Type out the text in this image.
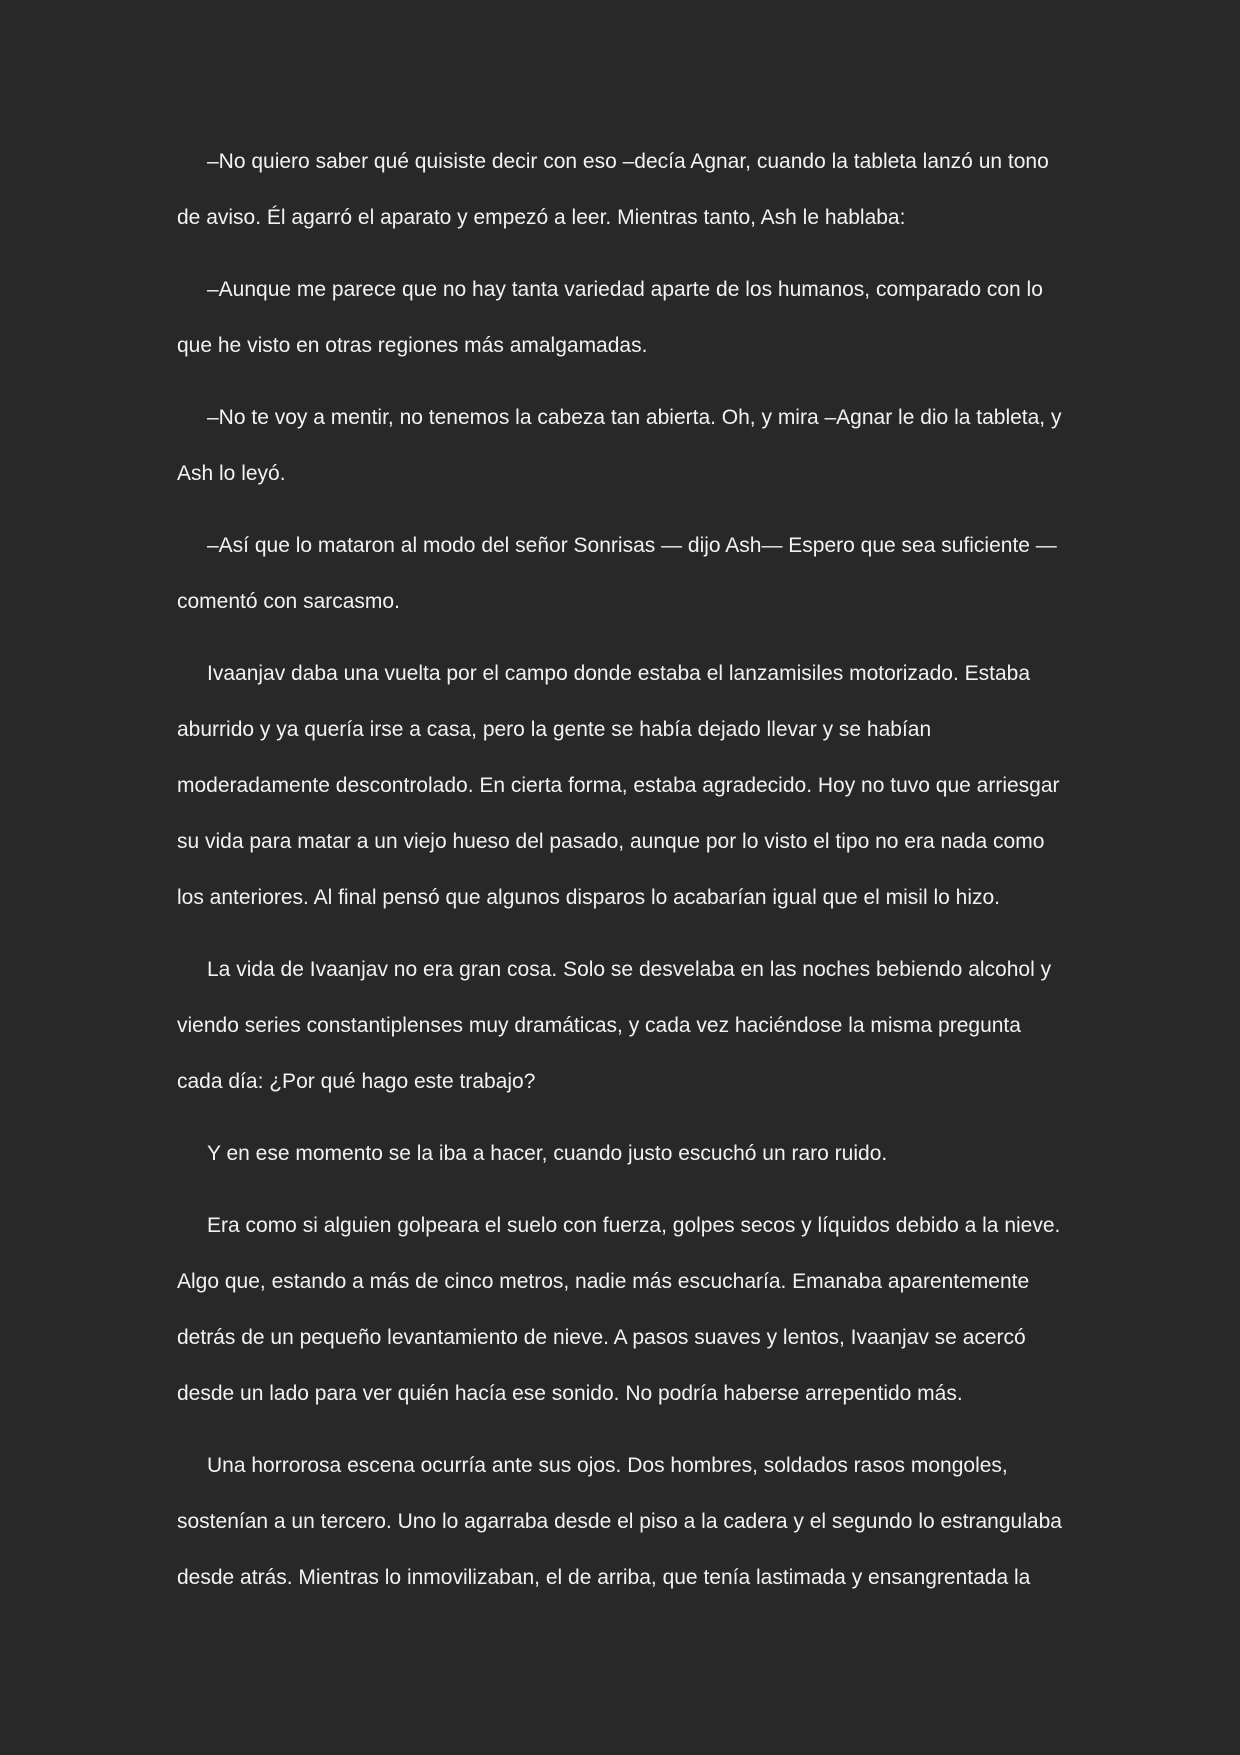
–No quiero saber qué quisiste decir con eso –decía Agnar, cuando la tableta lanzó un tono de aviso. Él agarró el aparato y empezó a leer. Mientras tanto, Ash le hablaba:

–Aunque me parece que no hay tanta variedad aparte de los humanos, comparado con lo que he visto en otras regiones más amalgamadas.

–No te voy a mentir, no tenemos la cabeza tan abierta. Oh, y mira –Agnar le dio la tableta, y Ash lo leyó.

–Así que lo mataron al modo del señor Sonrisas — dijo Ash— Espero que sea suficiente — comentó con sarcasmo.

Ivaanjav daba una vuelta por el campo donde estaba el lanzamisiles motorizado. Estaba aburrido y ya quería irse a casa, pero la gente se había dejado llevar y se habían moderadamente descontrolado. En cierta forma, estaba agradecido. Hoy no tuvo que arriesgar su vida para matar a un viejo hueso del pasado, aunque por lo visto el tipo no era nada como los anteriores. Al final pensó que algunos disparos lo acabarían igual que el misil lo hizo.

La vida de Ivaanjav no era gran cosa. Solo se desvelaba en las noches bebiendo alcohol y viendo series constantiplenses muy dramáticas, y cada vez haciéndose la misma pregunta cada día: ¿Por qué hago este trabajo?

Y en ese momento se la iba a hacer, cuando justo escuchó un raro ruido.

Era como si alguien golpeara el suelo con fuerza, golpes secos y líquidos debido a la nieve. Algo que, estando a más de cinco metros, nadie más escucharía. Emanaba aparentemente detrás de un pequeño levantamiento de nieve. A pasos suaves y lentos, Ivaanjav se acercó desde un lado para ver quién hacía ese sonido. No podría haberse arrepentido más.

Una horrorosa escena ocurría ante sus ojos. Dos hombres, soldados rasos mongoles, sostenían a un tercero. Uno lo agarraba desde el piso a la cadera y el segundo lo estrangulaba desde atrás. Mientras lo inmovilizaban, el de arriba, que tenía lastimada y ensangrentada la
